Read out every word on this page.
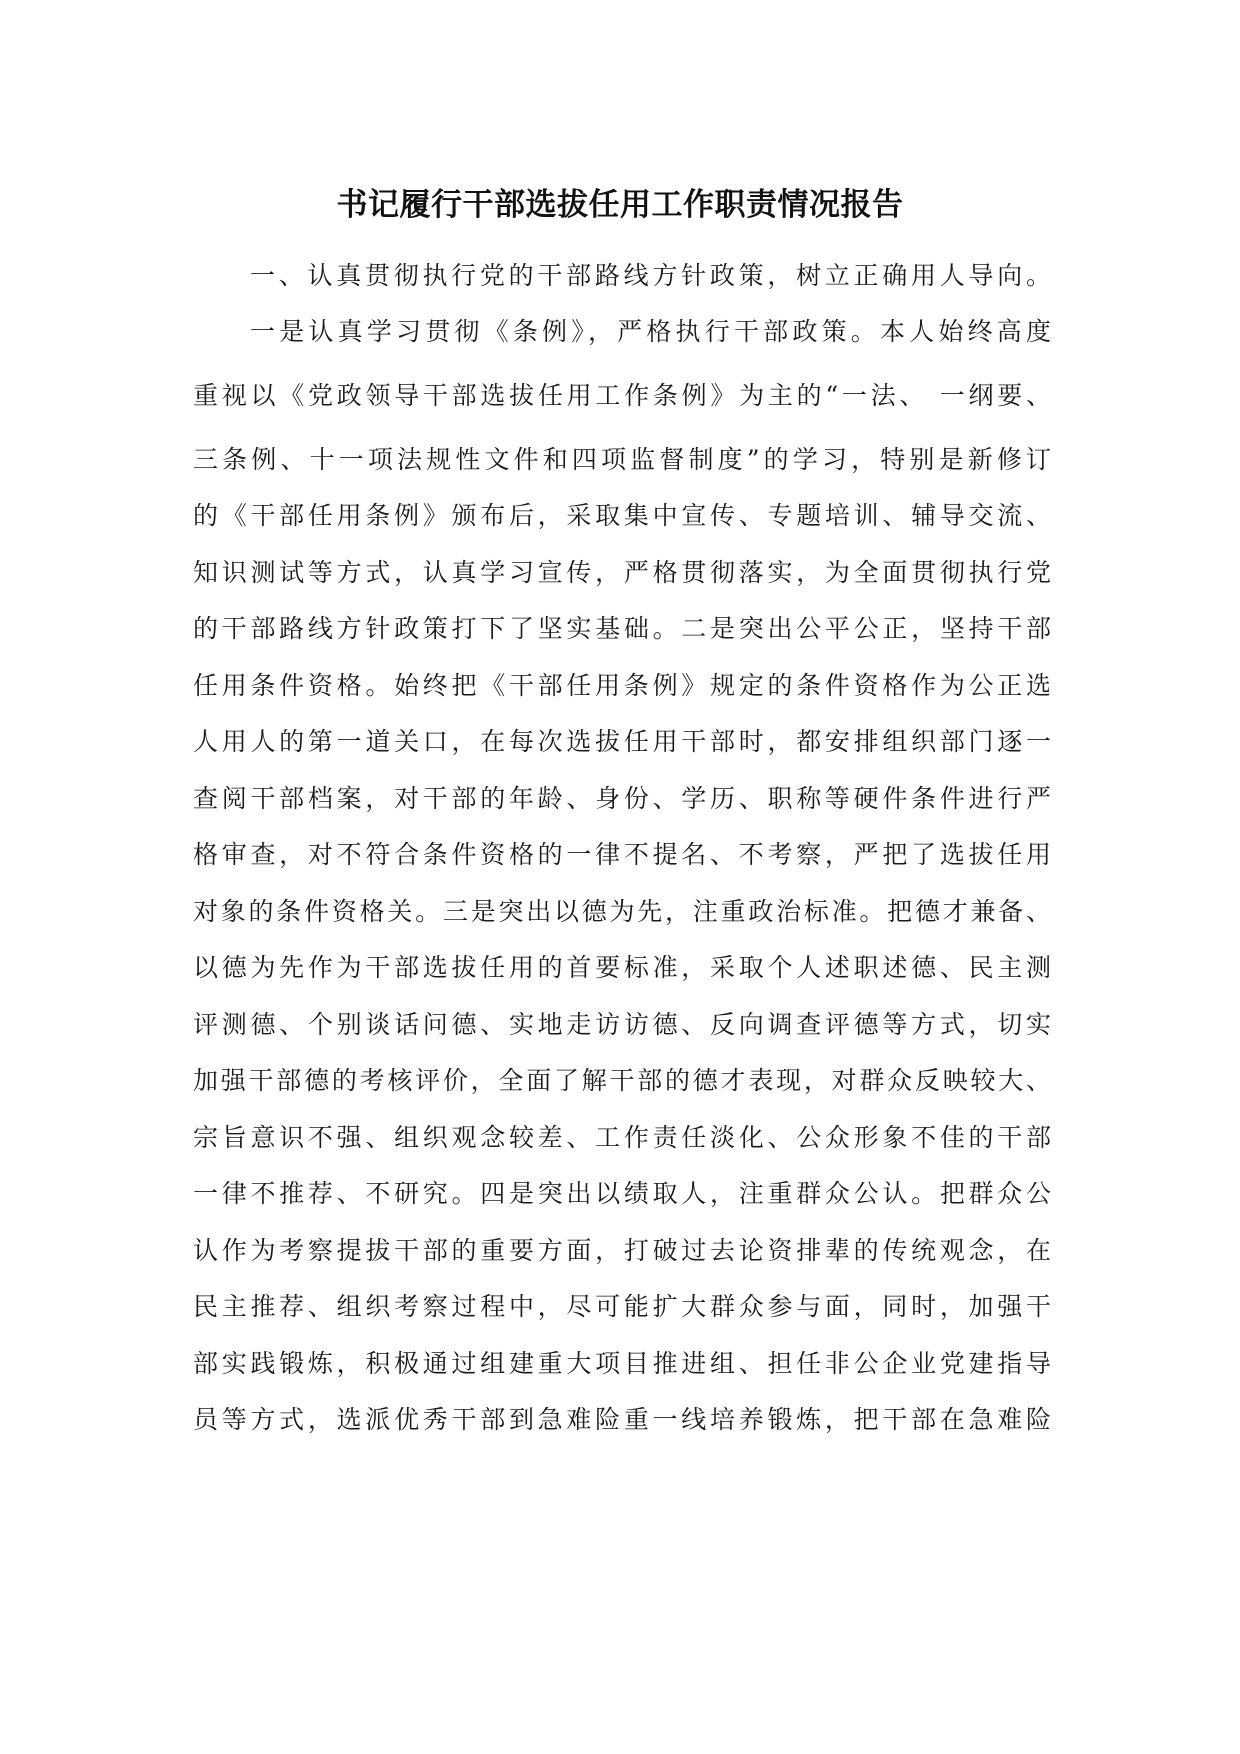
书记履行干部选拔任用工作职责情况报告
一、认真贯彻执行党的干部路线方针政策，树立正确用人导向。
一是认真学习贯彻《条例》，严格执行干部政策。本人始终高度
重视以《党政领导干部选拔任用工作条例》为主的“一法、 一纲要、
三条例、十一项法规性文件和四项监督制度”的学习，特别是新修订
的《干部任用条例》颁布后，采取集中宣传、专题培训、辅导交流、
知识测试等方式，认真学习宣传，严格贯彻落实，为全面贯彻执行党
的干部路线方针政策打下了坚实基础。二是突出公平公正，坚持干部
任用条件资格。始终把《干部任用条例》规定的条件资格作为公正选
人用人的第一道关口，在每次选拔任用干部时，都安排组织部门逐一
查阅干部档案，对干部的年龄、身份、学历、职称等硬件条件进行严
格审查，对不符合条件资格的一律不提名、不考察，严把了选拔任用
对象的条件资格关。三是突出以德为先，注重政治标准。把德才兼备、
以德为先作为干部选拔任用的首要标准，采取个人述职述德、民主测
评测德、个别谈话问德、实地走访访德、反向调查评德等方式，切实
加强干部德的考核评价，全面了解干部的德才表现，对群众反映较大、
宗旨意识不强、组织观念较差、工作责任淡化、公众形象不佳的干部
一律不推荐、不研究。四是突出以绩取人，注重群众公认。把群众公
认作为考察提拔干部的重要方面，打破过去论资排辈的传统观念，在
民主推荐、组织考察过程中，尽可能扩大群众参与面，同时，加强干
部实践锻炼，积极通过组建重大项目推进组、担任非公企业党建指导
员等方式，选派优秀干部到急难险重一线培养锻炼，把干部在急难险
